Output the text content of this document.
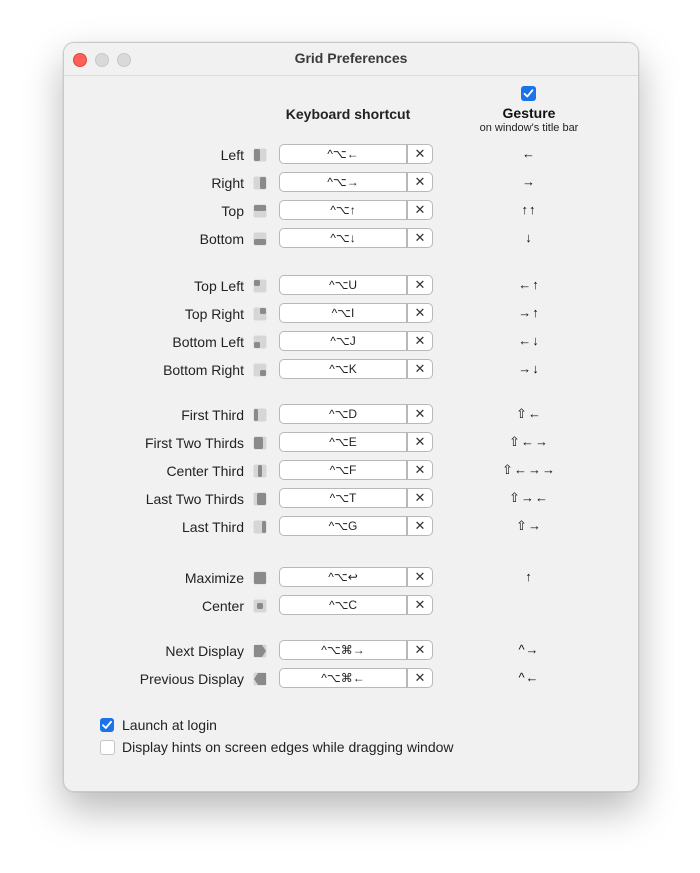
Grid Preferences
Keyboard shortcut	Gesture
on window's title bar
Left	^⌥←	✕	←
Right	^⌥→	✕	→
Top	^⌥↑	✕	↑↑
Bottom	^⌥↓	✕	↓
Top Left	^⌥U	✕	←↑
Top Right	^⌥I	✕	→↑
Bottom Left	^⌥J	✕	←↓
Bottom Right	^⌥K	✕	→↓
First Third	^⌥D	✕	⇧←
First Two Thirds	^⌥E	✕	⇧←→
Center Third	^⌥F	✕	⇧←→→
Last Two Thirds	^⌥T	✕	⇧→←
Last Third	^⌥G	✕	⇧→
Maximize	^⌥↩	✕	↑
Center	^⌥C	✕
Next Display	^⌥⌘→	✕	^→
Previous Display	^⌥⌘←	✕	^←
Launch at login
Display hints on screen edges while dragging window
